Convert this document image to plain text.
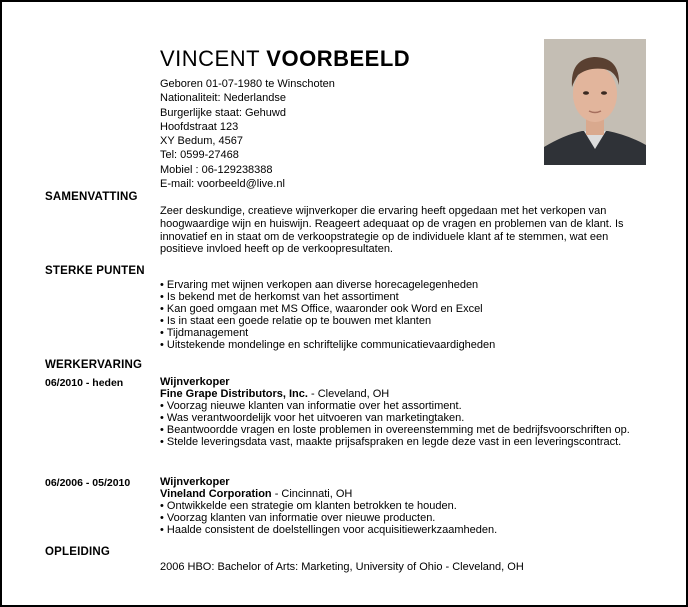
VINCENT VOORBEELD
Geboren 01-07-1980 te Winschoten
Nationaliteit: Nederlandse
Burgerlijke staat: Gehuwd
Hoofdstraat 123
XY Bedum, 4567
Tel: 0599-27468
Mobiel : 06-129238388
E-mail: voorbeeld@live.nl
SAMENVATTING
Zeer deskundige, creatieve wijnverkoper die ervaring heeft opgedaan met het verkopen van hoogwaardige wijn en huiswijn. Reageert adequaat op de vragen en problemen van de klant. Is innovatief en in staat om de verkoopstrategie op de individuele klant af te stemmen, wat een positieve invloed heeft op de verkoopresultaten.
STERKE PUNTEN
• Ervaring met wijnen verkopen aan diverse horecagelegenheden
• Is bekend met de herkomst van het assortiment
• Kan goed omgaan met MS Office, waaronder ook Word en Excel
• Is in staat een goede relatie op te bouwen met klanten
• Tijdmanagement
• Uitstekende mondelinge en schriftelijke communicatievaardigheden
WERKERVARING
06/2010 - heden	Wijnverkoper
Fine Grape Distributors, Inc. - Cleveland, OH
• Voorzag nieuwe klanten van informatie over het assortiment.
• Was verantwoordelijk voor het uitvoeren van marketingtaken.
• Beantwoordde vragen en loste problemen in overeenstemming met de bedrijfsvoorschriften op.
• Stelde leveringsdata vast, maakte prijsafspraken en legde deze vast in een leveringscontract.
06/2006 - 05/2010	Wijnverkoper
Vineland Corporation - Cincinnati, OH
• Ontwikkelde een strategie om klanten betrokken te houden.
• Voorzag klanten van informatie over nieuwe producten.
• Haalde consistent de doelstellingen voor acquisitiewerkzaamheden.
OPLEIDING
2006 HBO: Bachelor of Arts: Marketing, University of Ohio - Cleveland, OH
